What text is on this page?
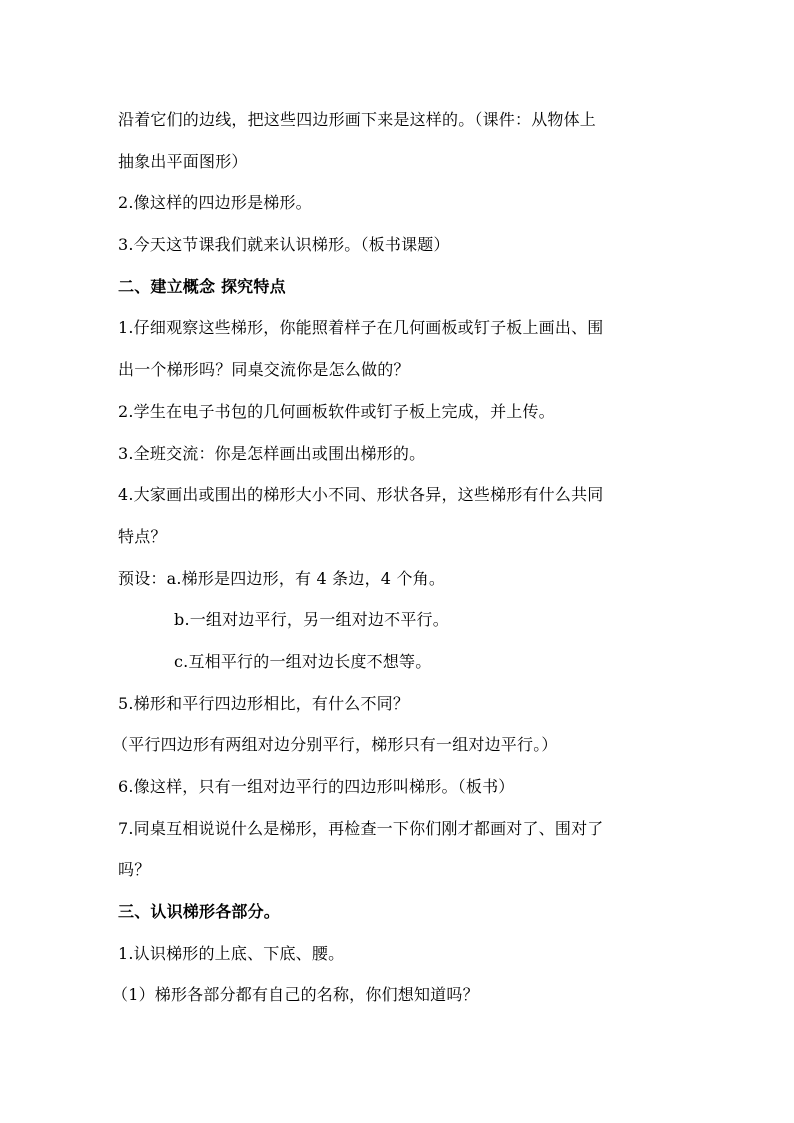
沿着它们的边线，把这些四边形画下来是这样的。（课件：从物体上
抽象出平面图形）
2.像这样的四边形是梯形。
3.今天这节课我们就来认识梯形。（板书课题）
二、建立概念 探究特点
1.仔细观察这些梯形，你能照着样子在几何画板或钉子板上画出、围
出一个梯形吗？同桌交流你是怎么做的？
2.学生在电子书包的几何画板软件或钉子板上完成，并上传。
3.全班交流：你是怎样画出或围出梯形的。
4.大家画出或围出的梯形大小不同、形状各异，这些梯形有什么共同
特点？
预设：a.梯形是四边形，有 4 条边，4 个角。
b.一组对边平行，另一组对边不平行。
c.互相平行的一组对边长度不想等。
5.梯形和平行四边形相比，有什么不同？
（平行四边形有两组对边分别平行，梯形只有一组对边平行。）
6.像这样，只有一组对边平行的四边形叫梯形。（板书）
7.同桌互相说说什么是梯形，再检查一下你们刚才都画对了、围对了
吗？
三、认识梯形各部分。
1.认识梯形的上底、下底、腰。
（1）梯形各部分都有自己的名称，你们想知道吗？
